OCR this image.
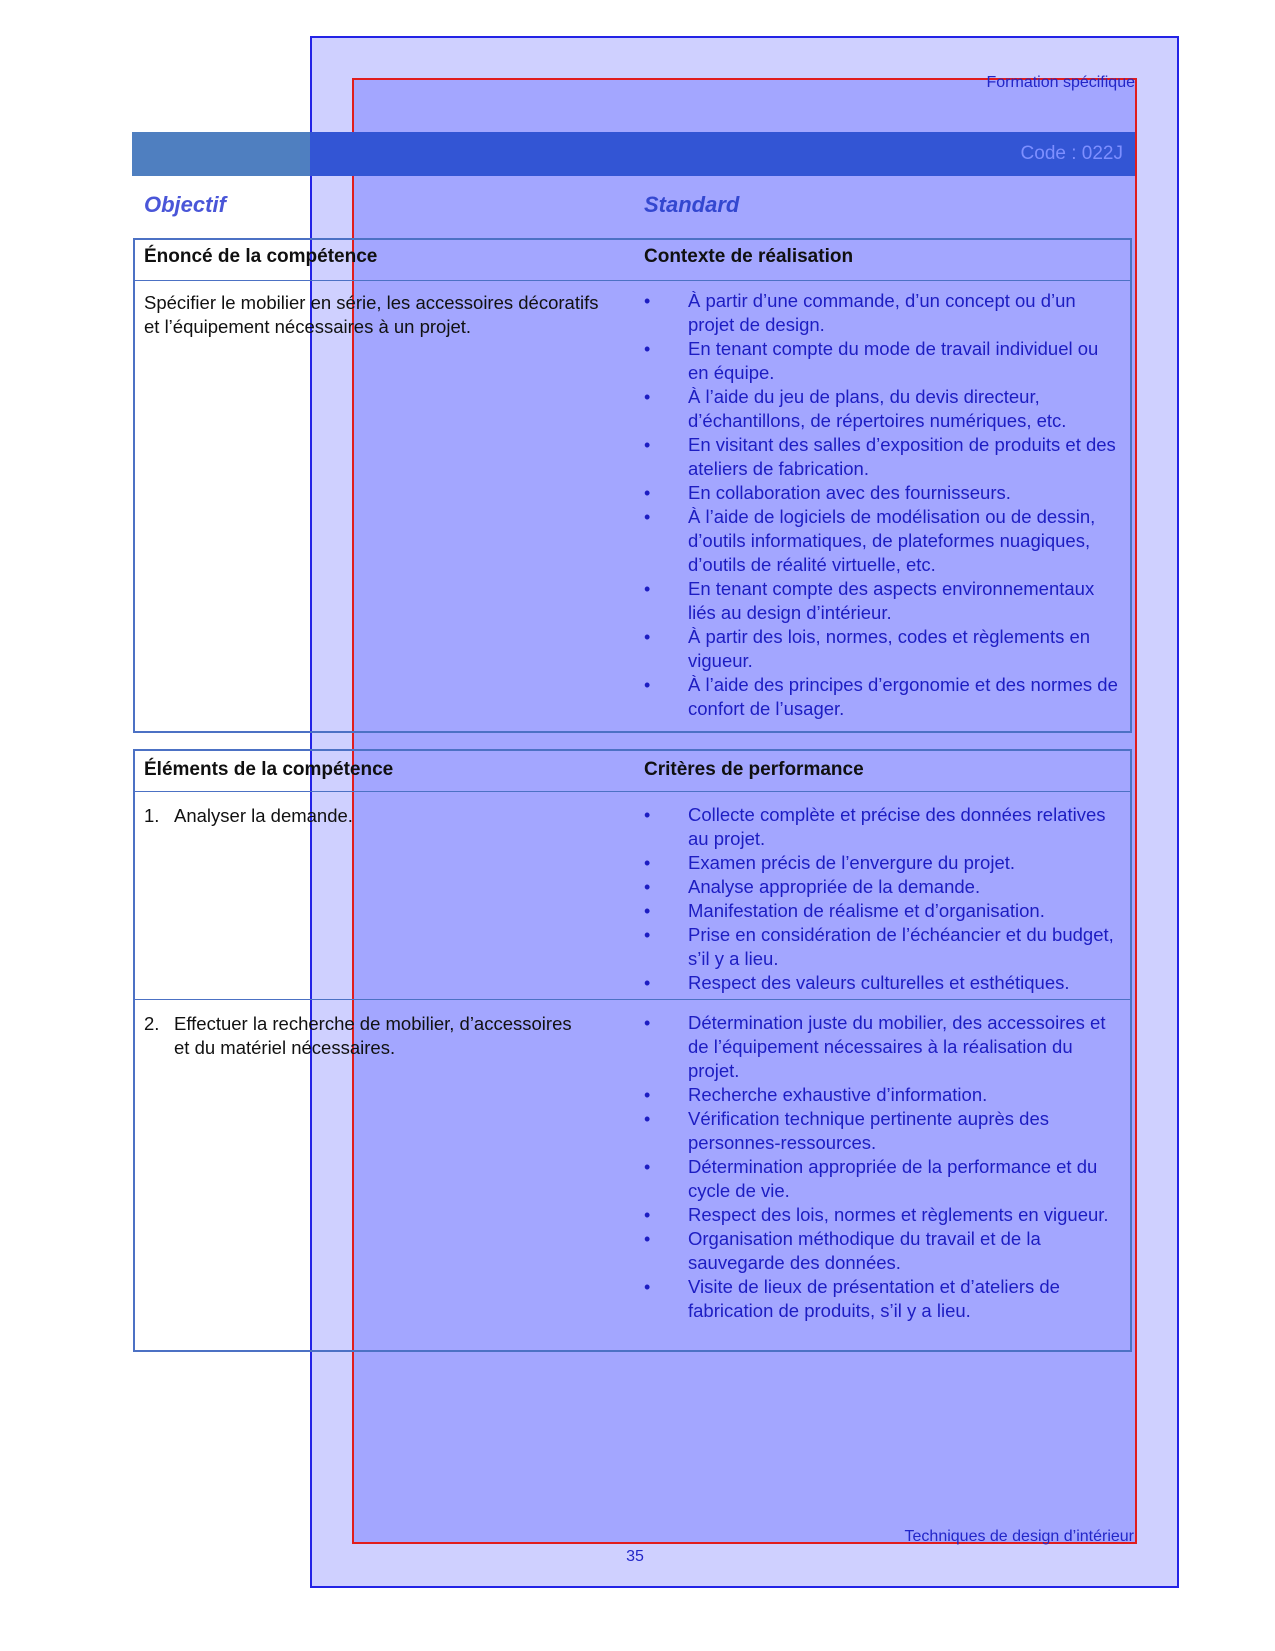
Formation spécifique
Code : 022J
Objectif	Standard
Énoncé de la compétence	Contexte de réalisation
Spécifier le mobilier en série, les accessoires décoratifs et l’équipement nécessaires à un projet.
• À partir d’une commande, d’un concept ou d’un projet de design.
• En tenant compte du mode de travail individuel ou en équipe.
• À l’aide du jeu de plans, du devis directeur, d’échantillons, de répertoires numériques, etc.
• En visitant des salles d’exposition de produits et des ateliers de fabrication.
• En collaboration avec des fournisseurs.
• À l’aide de logiciels de modélisation ou de dessin, d’outils informatiques, de plateformes nuagiques, d’outils de réalité virtuelle, etc.
• En tenant compte des aspects environnementaux liés au design d’intérieur.
• À partir des lois, normes, codes et règlements en vigueur.
• À l’aide des principes d’ergonomie et des normes de confort de l’usager.
Éléments de la compétence	Critères de performance
1. Analyser la demande.
•	Collecte complète et précise des données relatives au projet.
• Examen précis de l’envergure du projet.
• Analyse appropriée de la demande.
• Manifestation de réalisme et d’organisation.
• Prise en considération de l’échéancier et du budget, s’il y a lieu.
• Respect des valeurs culturelles et esthétiques.
2. Effectuer la recherche de mobilier, d’accessoires et du matériel nécessaires.
• Détermination juste du mobilier, des accessoires et de l’équipement nécessaires à la réalisation du projet.
• Recherche exhaustive d’information.
• Vérification technique pertinente auprès des personnes-ressources.
• Détermination appropriée de la performance et du cycle de vie.
• Respect des lois, normes et règlements en vigueur.
• Organisation méthodique du travail et de la sauvegarde des données.
• Visite de lieux de présentation et d’ateliers de fabrication de produits, s’il y a lieu.
Techniques de design d’intérieur
35
